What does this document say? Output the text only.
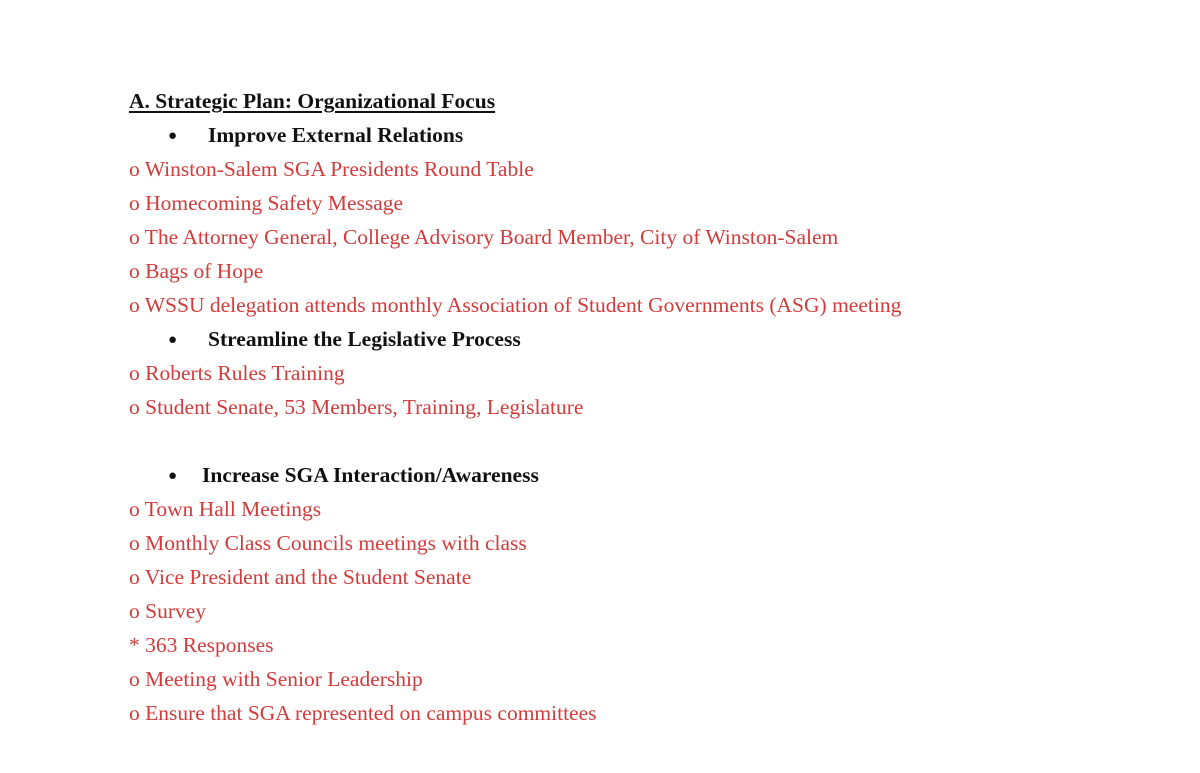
A. Strategic Plan: Organizational Focus
● Improve External Relations
o Winston-Salem SGA Presidents Round Table
o Homecoming Safety Message
o The Attorney General, College Advisory Board Member, City of Winston-Salem
o Bags of Hope
o WSSU delegation attends monthly Association of Student Governments (ASG) meeting
● Streamline the Legislative Process
o Roberts Rules Training
o Student Senate, 53 Members, Training, Legislature
● Increase SGA Interaction/Awareness
o Town Hall Meetings
o Monthly Class Councils meetings with class
o Vice President and the Student Senate
o Survey
* 363 Responses
o Meeting with Senior Leadership
o Ensure that SGA represented on campus committees
